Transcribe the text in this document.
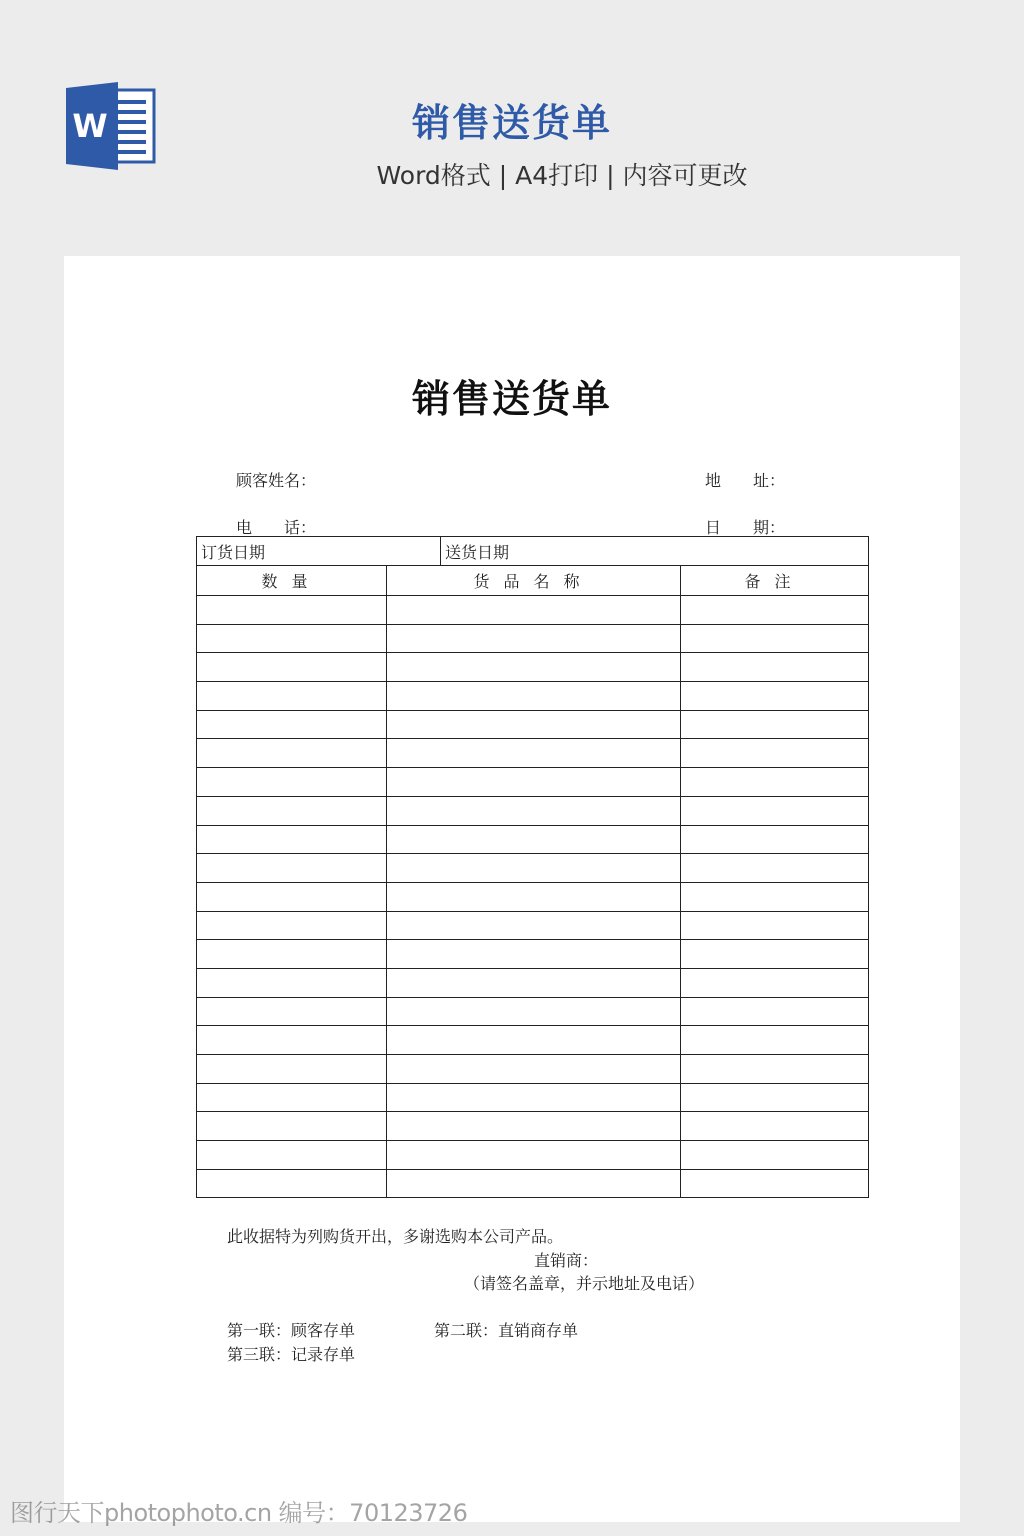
W	销售送货单
Word格式 | A4打印 | 内容可更改
销售送货单
顾客姓名：	地　　址：
电　　话：	日　　期：
订货日期	送货日期
数量	货品名称	备注

此收据特为列购货开出，多谢选购本公司产品。
直销商：
（请签名盖章，并示地址及电话）
第一联：顾客存单	第二联：直销商存单
第三联：记录存单
图行天下photophoto.cn 编号：70123726
